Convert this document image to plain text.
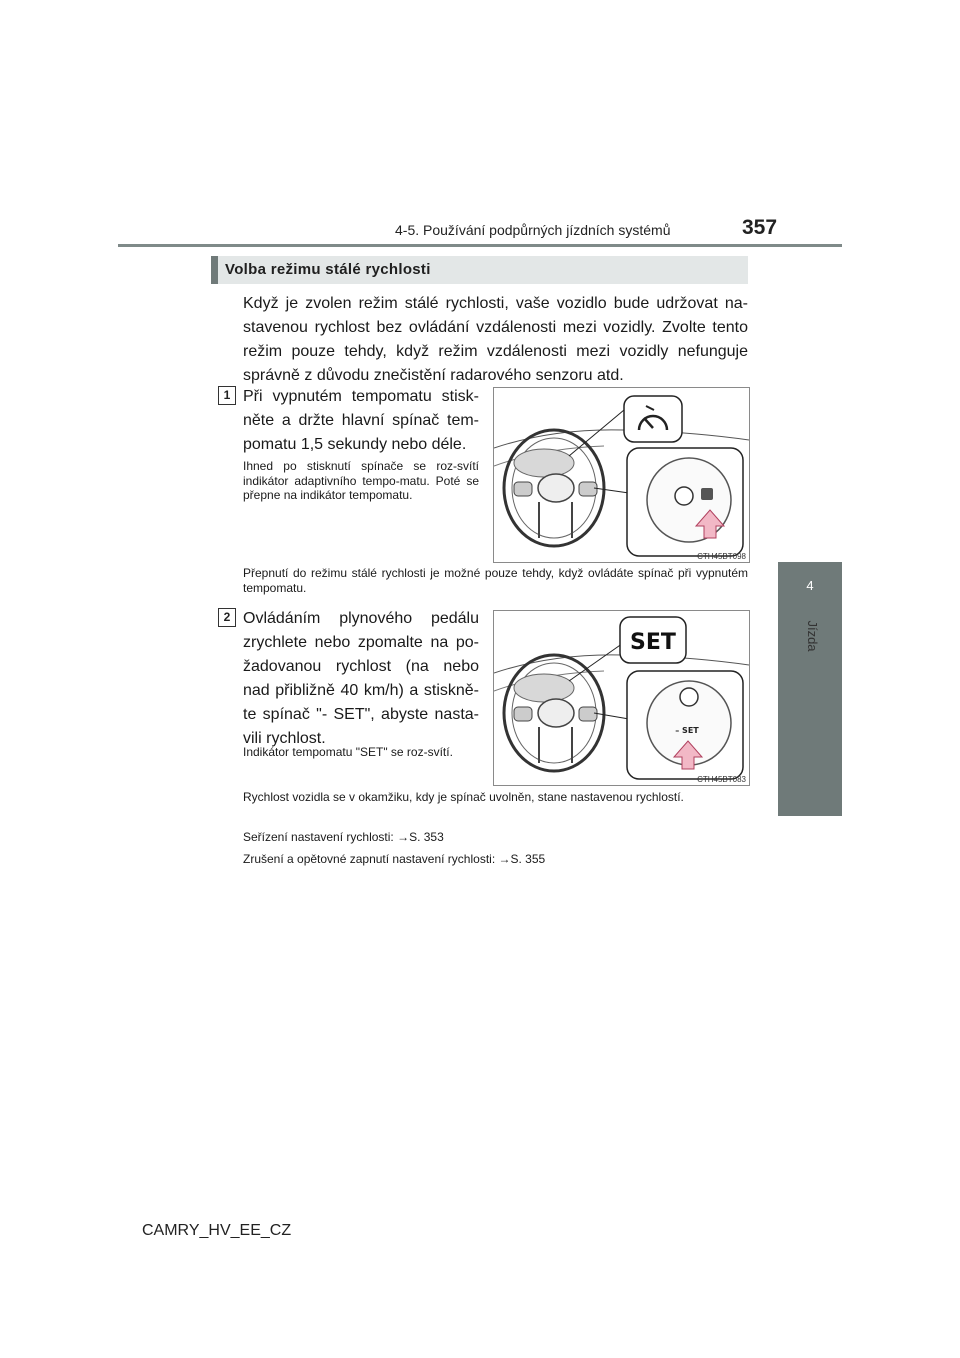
4-5. Používání podpůrných jízdních systémů	357
4
Jízda
Volba režimu stálé rychlosti
Když je zvolen režim stálé rychlosti, vaše vozidlo bude udržovat na-stavenou rychlost bez ovládání vzdálenosti mezi vozidly. Zvolte tento režim pouze tehdy, když režim vzdálenosti mezi vozidly nefunguje správně z důvodu znečistění radarového senzoru atd.
1 Při vypnutém tempomatu stisk-něte a držte hlavní spínač tem-pomatu 1,5 sekundy nebo déle.
Ihned po stisknutí spínače se roz-svítí indikátor adaptivního tempo-matu. Poté se přepne na indikátor tempomatu.
CTH45BT098
Přepnutí do režimu stálé rychlosti je možné pouze tehdy, když ovládáte spínač při vypnutém tempomatu.
2 Ovládáním plynového pedálu zrychlete nebo zpomalte na po-žadovanou rychlost (na nebo nad přibližně 40 km/h) a stiskně-te spínač "- SET", abyste nasta-vili rychlost.
Indikátor tempomatu "SET" se roz-svítí.
SET
– SET
CTH45BT083
Rychlost vozidla se v okamžiku, kdy je spínač uvolněn, stane nastavenou rychlostí.
Seřízení nastavení rychlosti: →S. 353
Zrušení a opětovné zapnutí nastavení rychlosti: →S. 355
CAMRY_HV_EE_CZ
